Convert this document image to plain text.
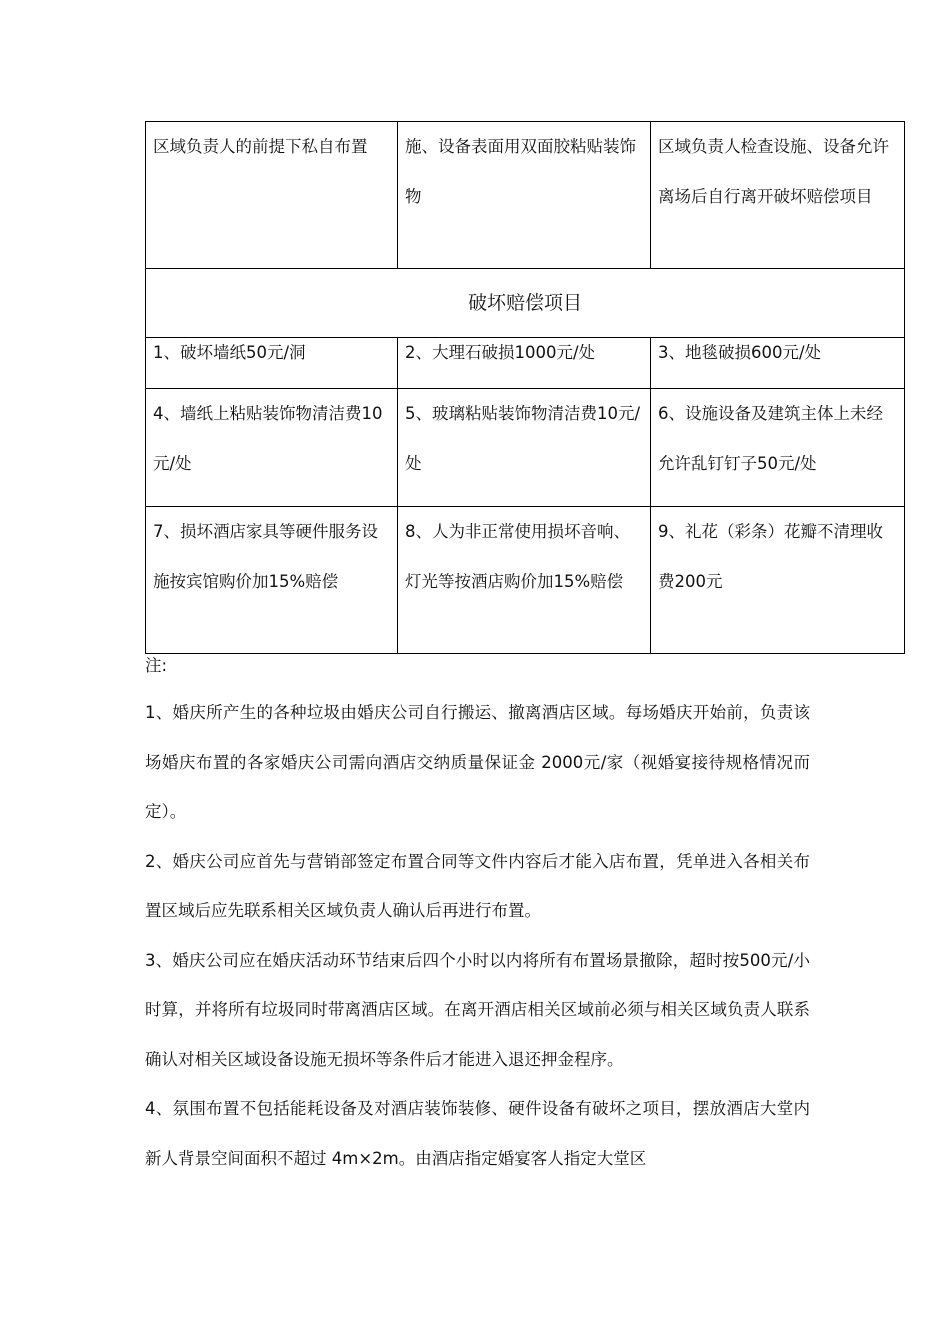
区域负责人的前提下私自布置	施、设备表面用双面胶粘贴装饰物	区域负责人检查设施、设备允许离场后自行离开破坏赔偿项目
破坏赔偿项目		
1、破坏墙纸50元/洞	2、大理石破损1000元/处	3、地毯破损600元/处
4、墙纸上粘贴装饰物清洁费10元/处	5、玻璃粘贴装饰物清洁费10元/处	6、设施设备及建筑主体上未经允许乱钉钉子50元/处
7、损坏酒店家具等硬件服务设施按宾馆购价加15%赔偿	8、人为非正常使用损坏音响、灯光等按酒店购价加15%赔偿	9、礼花（彩条）花瓣不清理收费200元

注:

1、婚庆所产生的各种垃圾由婚庆公司自行搬运、撤离酒店区域。每场婚庆开始前，负责该场婚庆布置的各家婚庆公司需向酒店交纳质量保证金 2000元/家（视婚宴接待规格情况而定）。

2、婚庆公司应首先与营销部签定布置合同等文件内容后才能入店布置，凭单进入各相关布置区域后应先联系相关区域负责人确认后再进行布置。

3、婚庆公司应在婚庆活动环节结束后四个小时以内将所有布置场景撤除，超时按500元/小时算，并将所有垃圾同时带离酒店区域。在离开酒店相关区域前必须与相关区域负责人联系确认对相关区域设备设施无损坏等条件后才能进入退还押金程序。

4、氛围布置不包括能耗设备及对酒店装饰装修、硬件设备有破坏之项目，摆放酒店大堂内新人背景空间面积不超过 4m×2m。由酒店指定婚宴客人指定大堂区
